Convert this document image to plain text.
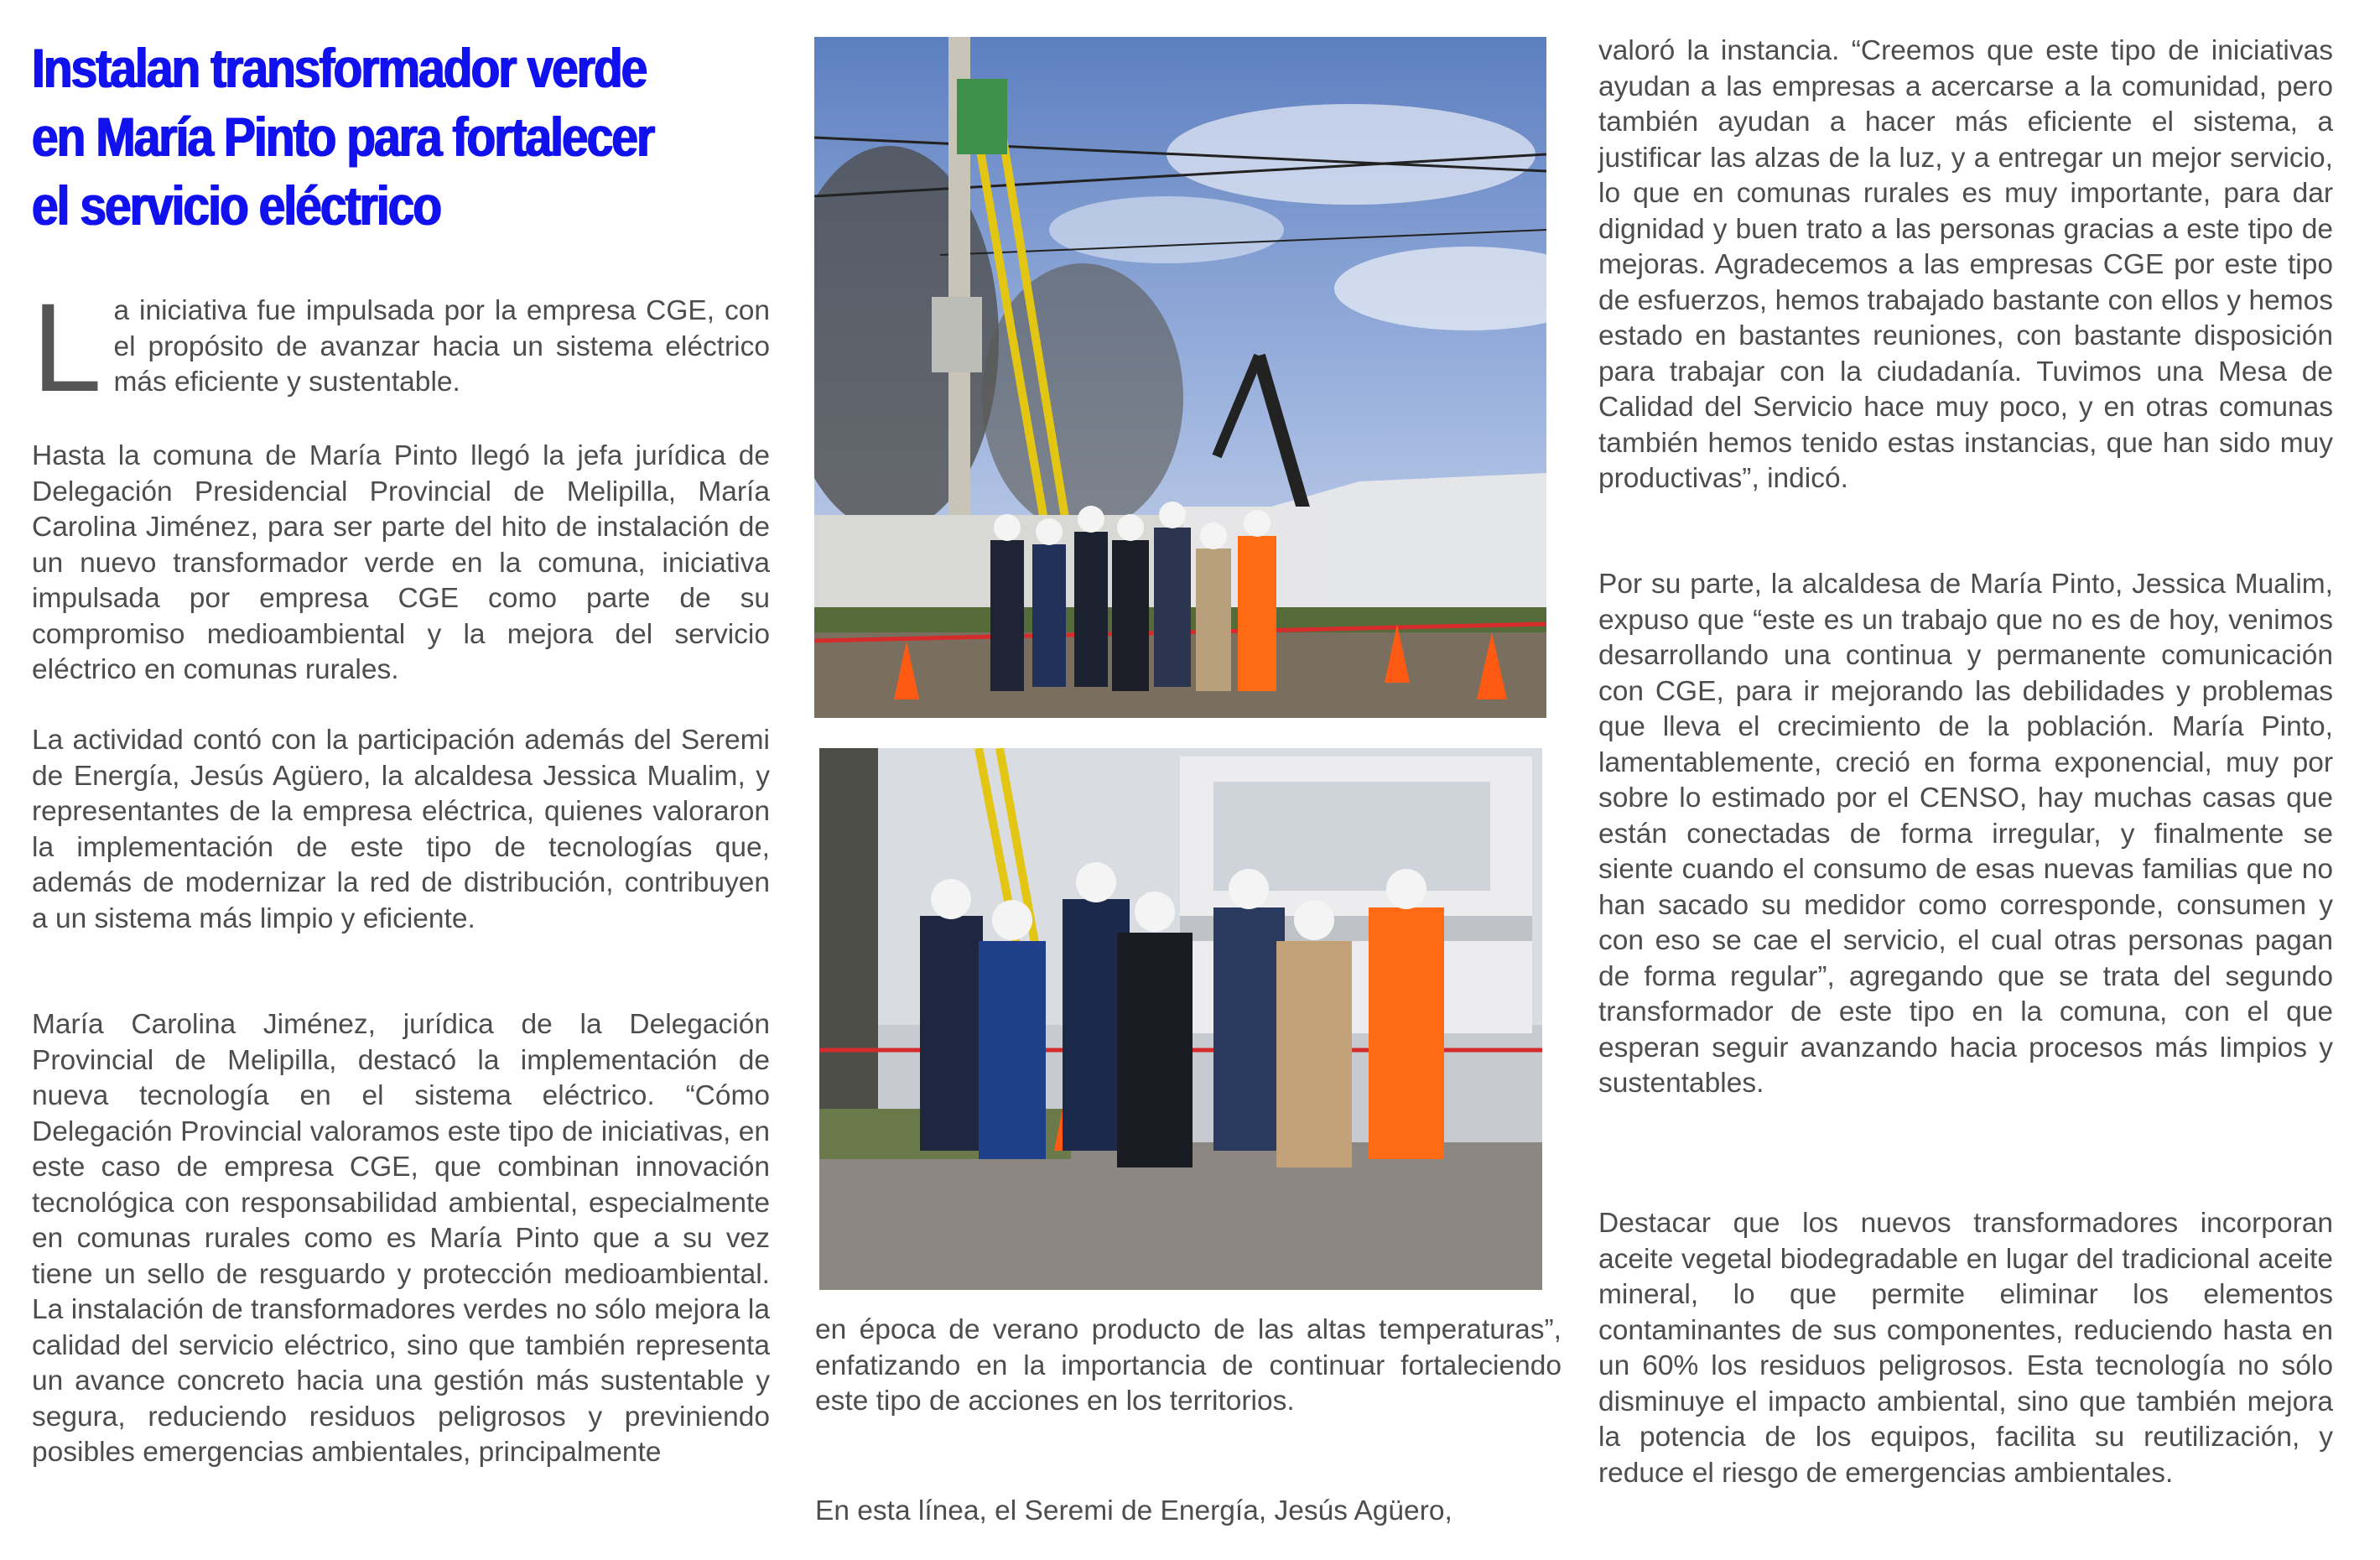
Instalan transformador verde
en María Pinto para fortalecer
el servicio eléctrico
L a iniciativa fue impulsada por la empresa CGE, con el propósito de avanzar hacia un sistema eléctrico más eficiente y sustentable.

Hasta la comuna de María Pinto llegó la jefa jurídica de Delegación Presidencial Provincial de Melipilla, María Carolina Jiménez, para ser parte del hito de instalación de un nuevo transformador verde en la comuna, iniciativa impulsada por empresa CGE como parte de su compromiso medioambiental y la mejora del servicio eléctrico en comunas rurales.

La actividad contó con la participación además del Seremi de Energía, Jesús Agüero, la alcaldesa Jessica Mualim, y representantes de la empresa eléctrica, quienes valoraron la implementación de este tipo de tecnologías que, además de modernizar la red de distribución, contribuyen a un sistema más limpio y eficiente.

María Carolina Jiménez, jurídica de la Delegación Provincial de Melipilla, destacó la implementación de nueva tecnología en el sistema eléctrico. “Cómo Delegación Provincial valoramos este tipo de iniciativas, en este caso de empresa CGE, que combinan innovación tecnológica con responsabilidad ambiental, especialmente en comunas rurales como es María Pinto que a su vez tiene un sello de resguardo y protección medioambiental. La instalación de transformadores verdes no sólo mejora la calidad del servicio eléctrico, sino que también representa un avance concreto hacia una gestión más sustentable y segura, reduciendo residuos peligrosos y previniendo posibles emergencias ambientales, principalmente

en época de verano producto de las altas temperaturas”, enfatizando en la importancia de continuar fortaleciendo este tipo de acciones en los territorios.

En esta línea, el Seremi de Energía, Jesús Agüero,

valoró la instancia. “Creemos que este tipo de iniciativas ayudan a las empresas a acercarse a la comunidad, pero también ayudan a hacer más eficiente el sistema, a justificar las alzas de la luz, y a entregar un mejor servicio, lo que en comunas rurales es muy importante, para dar dignidad y buen trato a las personas gracias a este tipo de mejoras. Agradecemos a las empresas CGE por este tipo de esfuerzos, hemos trabajado bastante con ellos y hemos estado en bastantes reuniones, con bastante disposición para trabajar con la ciudadanía. Tuvimos una Mesa de Calidad del Servicio hace muy poco, y en otras comunas también hemos tenido estas instancias, que han sido muy productivas”, indicó.

Por su parte, la alcaldesa de María Pinto, Jessica Mualim, expuso que “este es un trabajo que no es de hoy, venimos desarrollando una continua y permanente comunicación con CGE, para ir mejorando las debilidades y problemas que lleva el crecimiento de la población. María Pinto, lamentablemente, creció en forma exponencial, muy por sobre lo estimado por el CENSO, hay muchas casas que están conectadas de forma irregular, y finalmente se siente cuando el consumo de esas nuevas familias que no han sacado su medidor como corresponde, consumen y con eso se cae el servicio, el cual otras personas pagan de forma regular”, agregando que se trata del segundo transformador de este tipo en la comuna, con el que esperan seguir avanzando hacia procesos más limpios y sustentables.

Destacar que los nuevos transformadores incorporan aceite vegetal biodegradable en lugar del tradicional aceite mineral, lo que permite eliminar los elementos contaminantes de sus componentes, reduciendo hasta en un 60% los residuos peligrosos. Esta tecnología no sólo disminuye el impacto ambiental, sino que también mejora la potencia de los equipos, facilita su reutilización, y reduce el riesgo de emergencias ambientales.
